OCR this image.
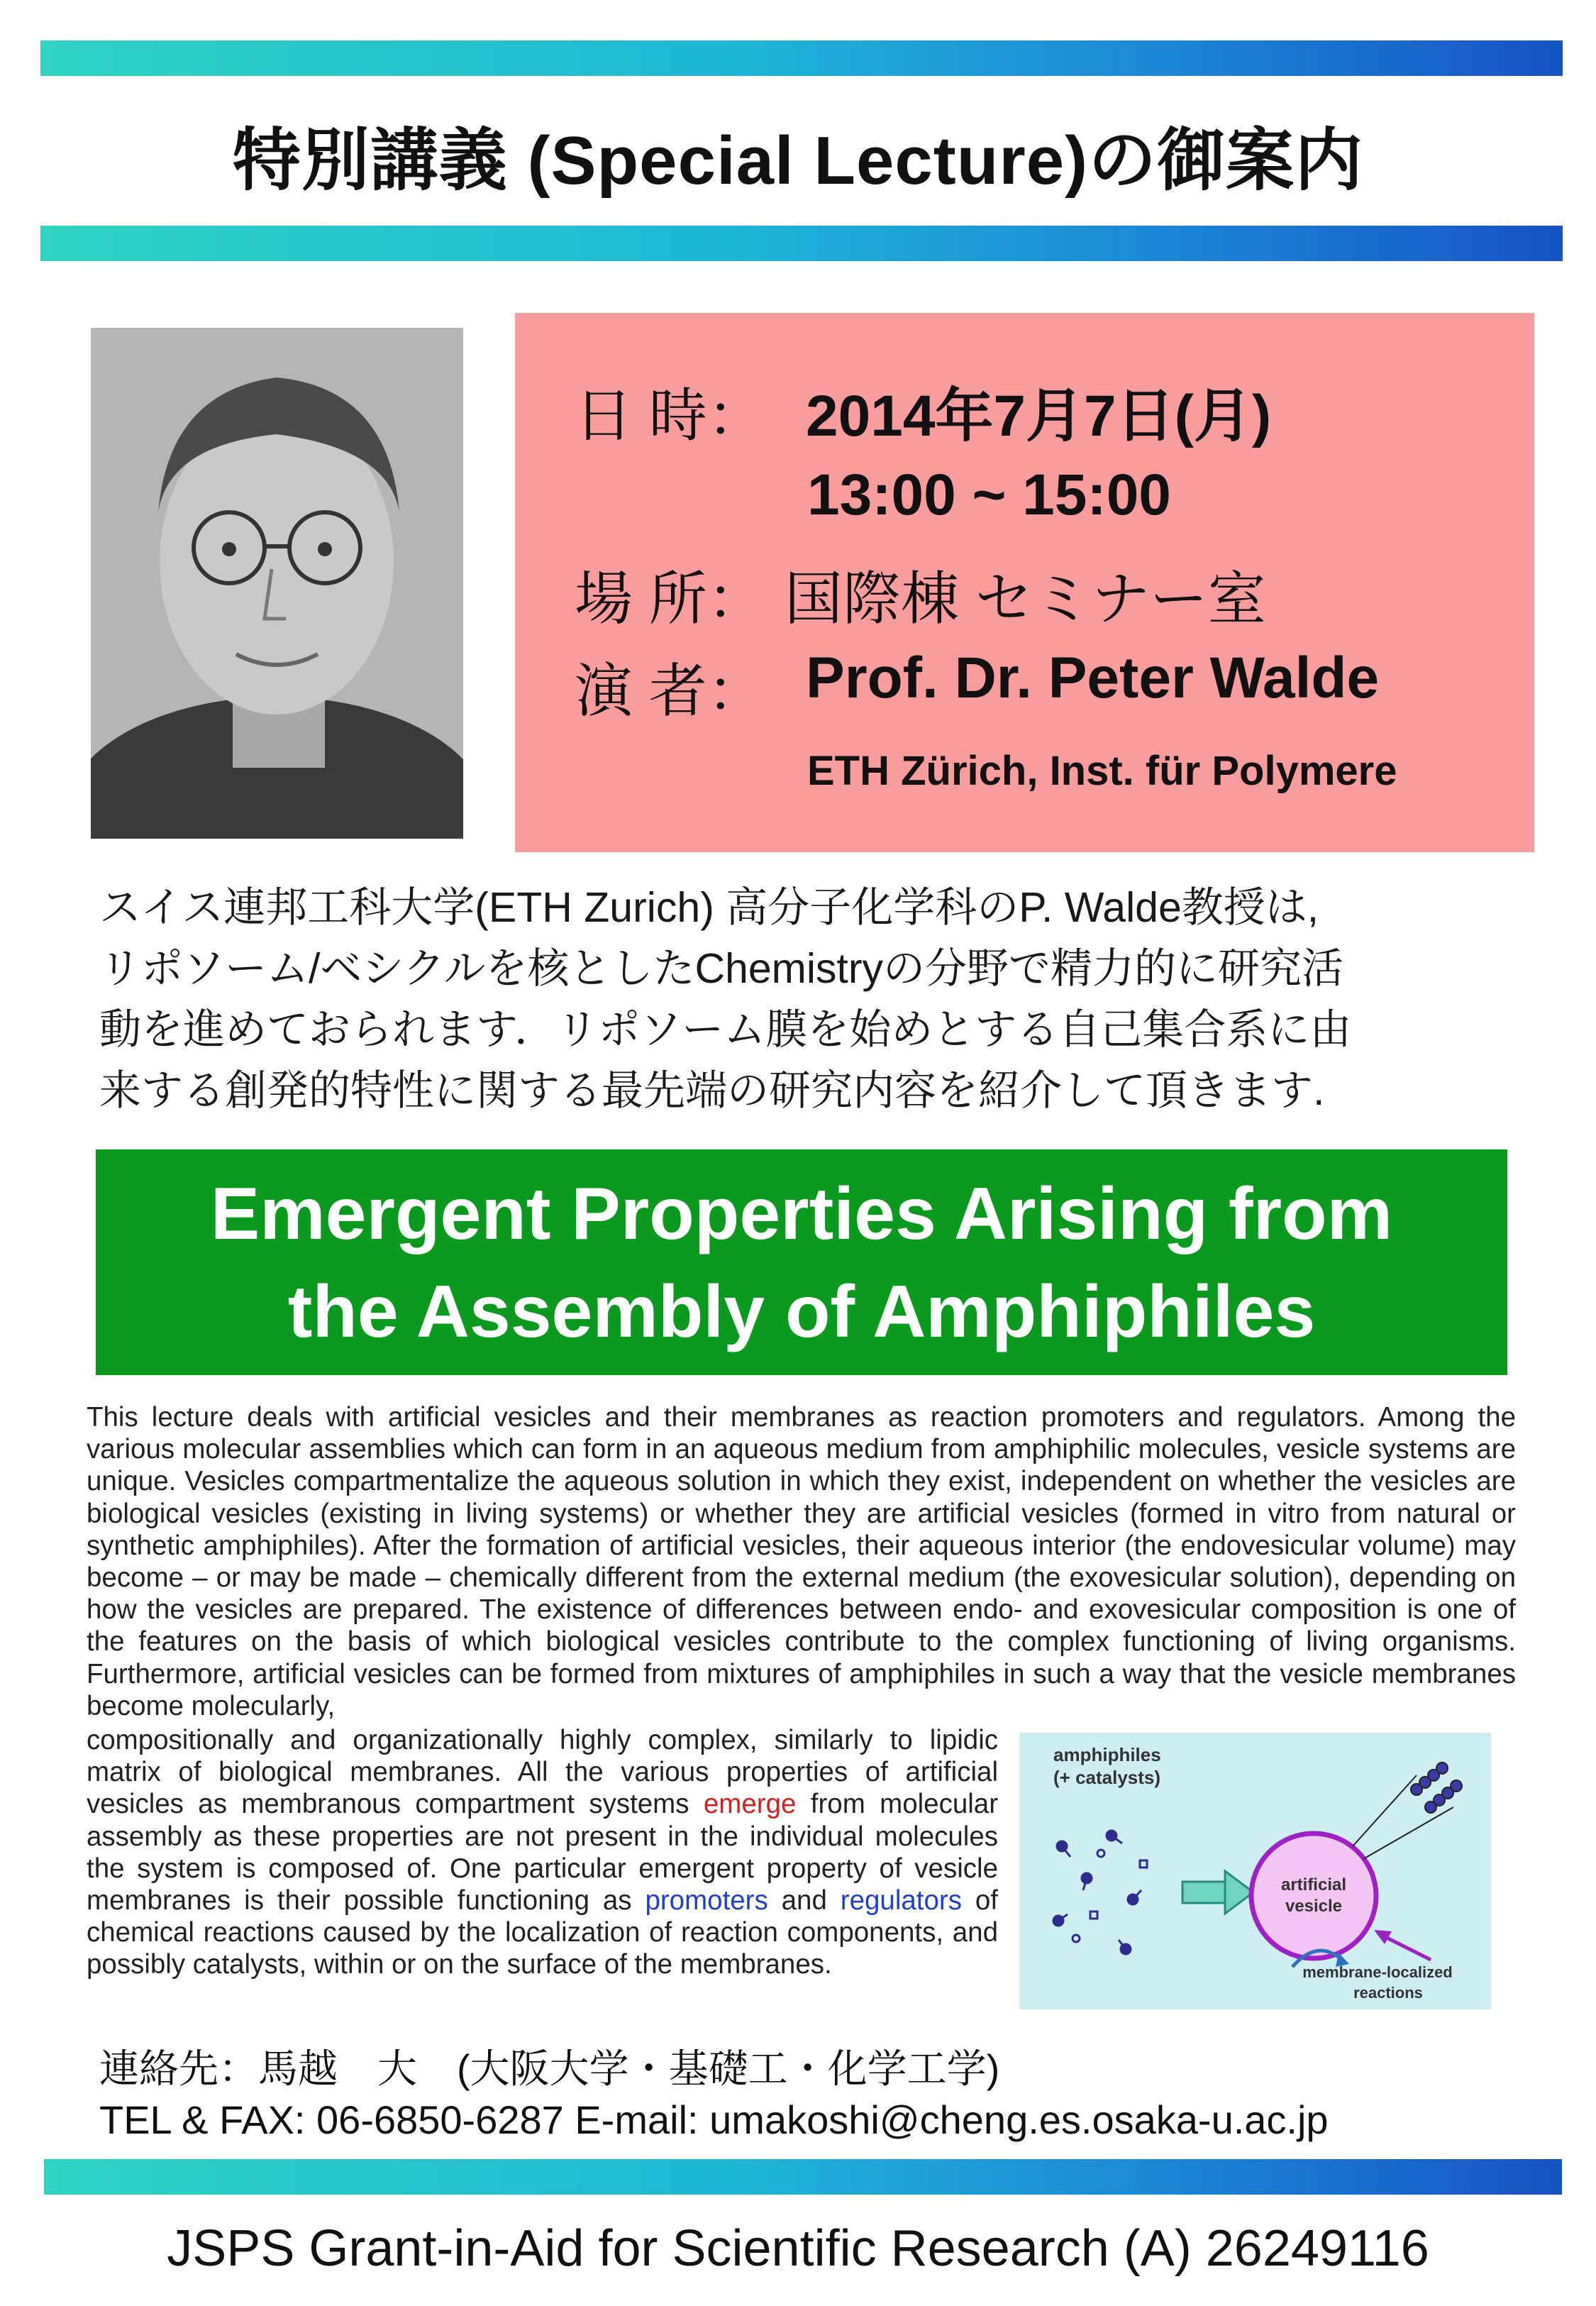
特別講義 (Special Lecture)の御案内
日 時： 2014年7月7日(月)
13:00 ~ 15:00
場 所： 国際棟 セミナー室
演 者： Prof. Dr. Peter Walde
ETH Zürich, Inst. für Polymere
スイス連邦工科大学(ETH Zurich) 高分子化学科のP. Walde教授は,
リポソーム/ベシクルを核としたChemistryの分野で精力的に研究活
動を進めておられます．リポソーム膜を始めとする自己集合系に由
来する創発的特性に関する最先端の研究内容を紹介して頂きます.
Emergent Properties Arising from
the Assembly of Amphiphiles
This lecture deals with artificial vesicles and their membranes as reaction promoters and regulators. Among the various molecular assemblies which can form in an aqueous medium from amphiphilic molecules, vesicle systems are unique. Vesicles compartmentalize the aqueous solution in which they exist, independent on whether the vesicles are biological vesicles (existing in living systems) or whether they are artificial vesicles (formed in vitro from natural or synthetic amphiphiles). After the formation of artificial vesicles, their aqueous interior (the endovesicular volume) may become – or may be made – chemically different from the external medium (the exovesicular solution), depending on how the vesicles are prepared. The existence of differences between endo- and exovesicular composition is one of the features on the basis of which biological vesicles contribute to the complex functioning of living organisms. Furthermore, artificial vesicles can be formed from mixtures of amphiphiles in such a way that the vesicle membranes become molecularly,
compositionally and organizationally highly complex, similarly to lipidic matrix of biological membranes. All the various properties of artificial vesicles as membranous compartment systems emerge from molecular assembly as these properties are not present in the individual molecules the system is composed of. One particular emergent property of vesicle membranes is their possible functioning as promoters and regulators of chemical reactions caused by the localization of reaction components, and possibly catalysts, within or on the surface of the membranes.
amphiphiles
(+ catalysts)
artificial
vesicle
membrane-localized
reactions
連絡先：馬越　大　(大阪大学・基礎工・化学工学)
TEL & FAX: 06-6850-6287 E-mail: umakoshi@cheng.es.osaka-u.ac.jp
JSPS Grant-in-Aid for Scientific Research (A) 26249116
